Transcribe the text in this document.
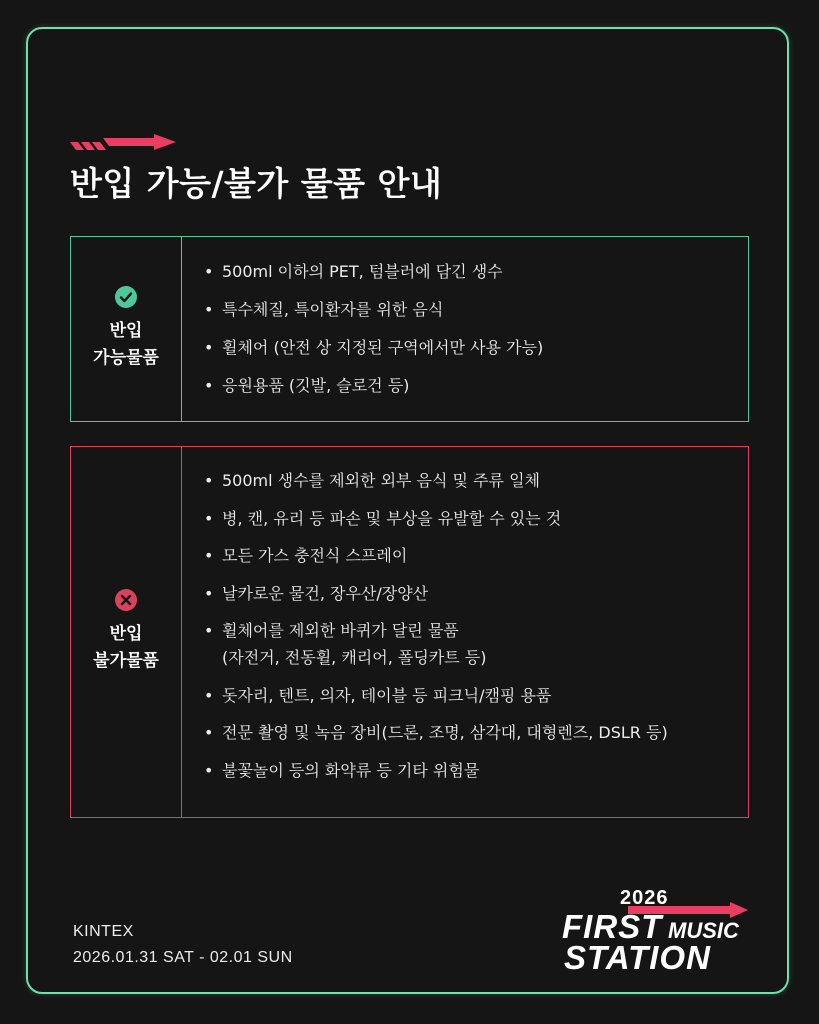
반입 가능/불가 물품 안내
반입
가능물품
• 500ml 이하의 PET, 텀블러에 담긴 생수
• 특수체질, 특이환자를 위한 음식
• 휠체어 (안전 상 지정된 구역에서만 사용 가능)
• 응원용품 (깃발, 슬로건 등)
반입
불가물품
• 500ml 생수를 제외한 외부 음식 및 주류 일체
• 병, 캔, 유리 등 파손 및 부상을 유발할 수 있는 것
• 모든 가스 충전식 스프레이
• 날카로운 물건, 장우산/장양산
• 휠체어를 제외한 바퀴가 달린 물품
(자전거, 전동휠, 캐리어, 폴딩카트 등)
• 돗자리, 텐트, 의자, 테이블 등 피크닉/캠핑 용품
• 전문 촬영 및 녹음 장비(드론, 조명, 삼각대, 대형렌즈, DSLR 등)
• 불꽃놀이 등의 화약류 등 기타 위험물
KINTEX
2026.01.31 SAT - 02.01 SUN
2026
FIRST MUSIC
STATION
